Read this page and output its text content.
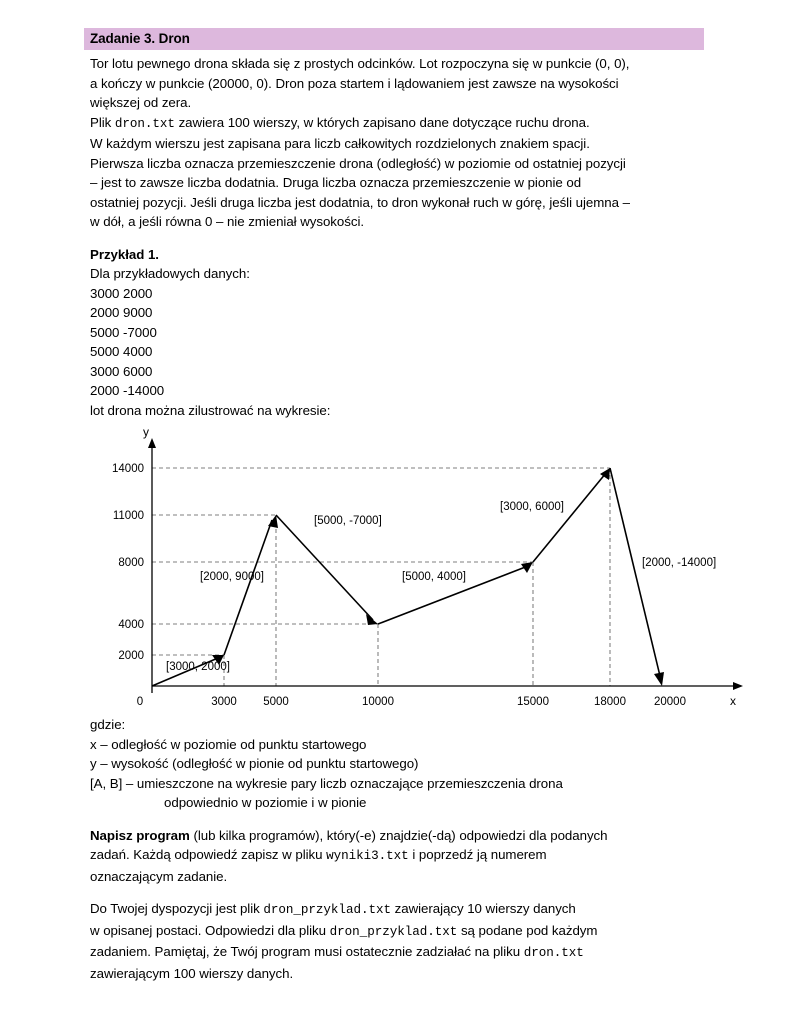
Zadanie 3. Dron

Tor lotu pewnego drona składa się z prostych odcinków. Lot rozpoczyna się w punkcie (0, 0),

a kończy w punkcie (20000, 0). Dron poza startem i lądowaniem jest zawsze na wysokości

większej od zera.

Plik dron.txt zawiera 100 wierszy, w których zapisano dane dotyczące ruchu drona.

W każdym wierszu jest zapisana para liczb całkowitych rozdzielonych znakiem spacji.

Pierwsza liczba oznacza przemieszczenie drona (odległość) w poziomie od ostatniej pozycji

– jest to zawsze liczba dodatnia. Druga liczba oznacza przemieszczenie w pionie od

ostatniej pozycji. Jeśli druga liczba jest dodatnia, to dron wykonał ruch w górę, jeśli ujemna –

w dół, a jeśli równa 0 – nie zmieniał wysokości.

Przykład 1.

Dla przykładowych danych:

3000 2000

2000 9000

5000 -7000

5000 4000

3000 6000

2000 -14000

lot drona można zilustrować na wykresie:

y
x
14000
11000
8000
4000
2000
0	3000 5000	10000	15000	18000 20000
[3000, 2000]
[2000, 9000]
[5000, -7000]
[5000, 4000]
[3000, 6000]
[2000, -14000]

gdzie:

x – odległość w poziomie od punktu startowego

y – wysokość (odległość w pionie od punktu startowego)

[A, B] – umieszczone na wykresie pary liczb oznaczające przemieszczenia drona

odpowiednio w poziomie i w pionie

Napisz program (lub kilka programów), który(-e) znajdzie(-dą) odpowiedzi dla podanych

zadań. Każdą odpowiedź zapisz w pliku wyniki3.txt i poprzedź ją numerem

oznaczającym zadanie.

Do Twojej dyspozycji jest plik dron_przyklad.txt zawierający 10 wierszy danych

w opisanej postaci. Odpowiedzi dla pliku dron_przyklad.txt są podane pod każdym

zadaniem. Pamiętaj, że Twój program musi ostatecznie zadziałać na pliku dron.txt

zawierającym 100 wierszy danych.
